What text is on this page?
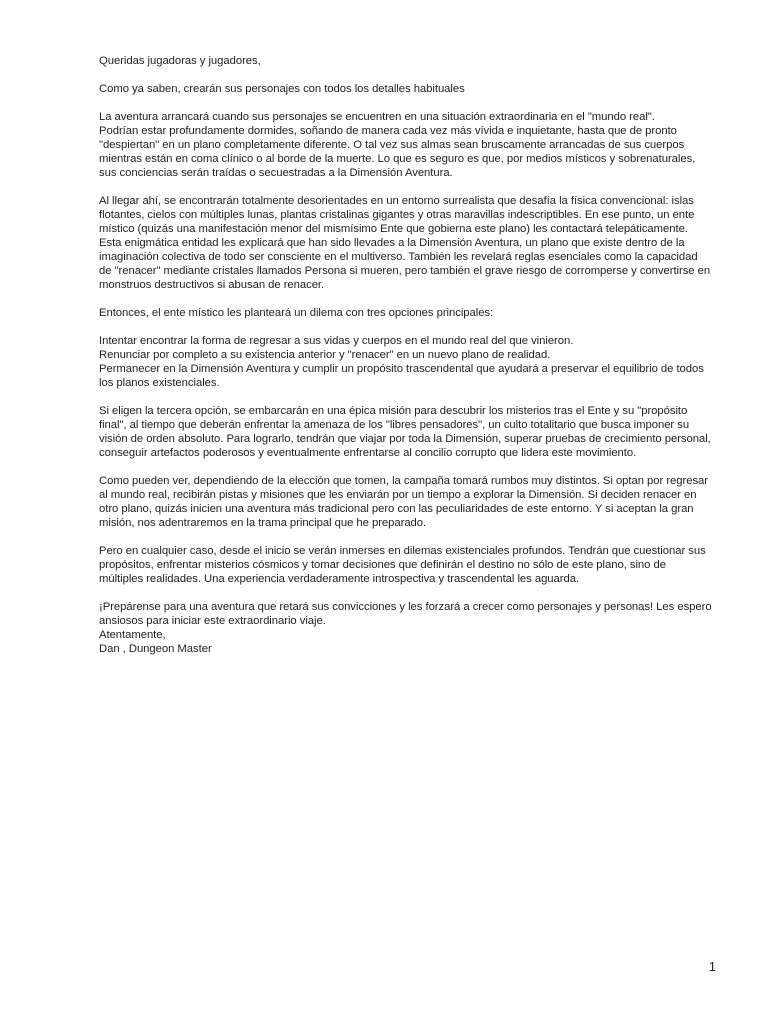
Queridas jugadoras y jugadores,

Como ya saben, crearán sus personajes con todos los detalles habituales

La aventura arrancará cuando sus personajes se encuentren en una situación extraordinaria en el "mundo real".
Podrían estar profundamente dormides, soñando de manera cada vez más vívida e inquietante, hasta que de pronto
"despiertan" en un plano completamente diferente. O tal vez sus almas sean bruscamente arrancadas de sus cuerpos
mientras están en coma clínico o al borde de la muerte. Lo que es seguro es que, por medios místicos y sobrenaturales,
sus conciencias serán traídas o secuestradas a la Dimensión Aventura.

Al llegar ahí, se encontrarán totalmente desorientades en un entorno surrealista que desafía la física convencional: islas
flotantes, cielos con múltiples lunas, plantas cristalinas gigantes y otras maravillas indescriptibles. En ese punto, un ente
místico (quizás una manifestación menor del mismísimo Ente que gobierna este plano) les contactará telepáticamente.
Esta enigmática entidad les explicará que han sido llevades a la Dimensión Aventura, un plano que existe dentro de la
imaginación colectiva de todo ser consciente en el multiverso. También les revelará reglas esenciales como la capacidad
de "renacer" mediante cristales llamados Persona si mueren, pero también el grave riesgo de corromperse y convertirse en
monstruos destructivos si abusan de renacer.

Entonces, el ente místico les planteará un dilema con tres opciones principales:

Intentar encontrar la forma de regresar a sus vidas y cuerpos en el mundo real del que vinieron.
Renunciar por completo a su existencia anterior y "renacer" en un nuevo plano de realidad.
Permanecer en la Dimensión Aventura y cumplir un propósito trascendental que ayudará a preservar el equilibrio de todos
los planos existenciales.

Si eligen la tercera opción, se embarcarán en una épica misión para descubrir los misterios tras el Ente y su "propósito
final", al tiempo que deberán enfrentar la amenaza de los "libres pensadores", un culto totalitario que busca imponer su
visión de orden absoluto. Para lograrlo, tendrán que viajar por toda la Dimensión, superar pruebas de crecimiento personal,
conseguir artefactos poderosos y eventualmente enfrentarse al concilio corrupto que lidera este movimiento.

Como pueden ver, dependiendo de la elección que tomen, la campaña tomará rumbos muy distintos. Si optan por regresar
al mundo real, recibirán pistas y misiones que les enviarán por un tiempo a explorar la Dimensión. Si deciden renacer en
otro plano, quizás inicien una aventura más tradicional pero con las peculiaridades de este entorno. Y si aceptan la gran
misión, nos adentraremos en la trama principal que he preparado.

Pero en cualquier caso, desde el inicio se verán inmerses en dilemas existenciales profundos. Tendrán que cuestionar sus
propósitos, enfrentar misterios cósmicos y tomar decisiones que definirán el destino no sólo de este plano, sino de
múltiples realidades. Una experiencia verdaderamente introspectiva y trascendental les aguarda.

¡Prepárense para una aventura que retará sus convicciones y les forzará a crecer como personajes y personas! Les espero
ansiosos para iniciar este extraordinario viaje.
Atentamente,
Dan , Dungeon Master

1
